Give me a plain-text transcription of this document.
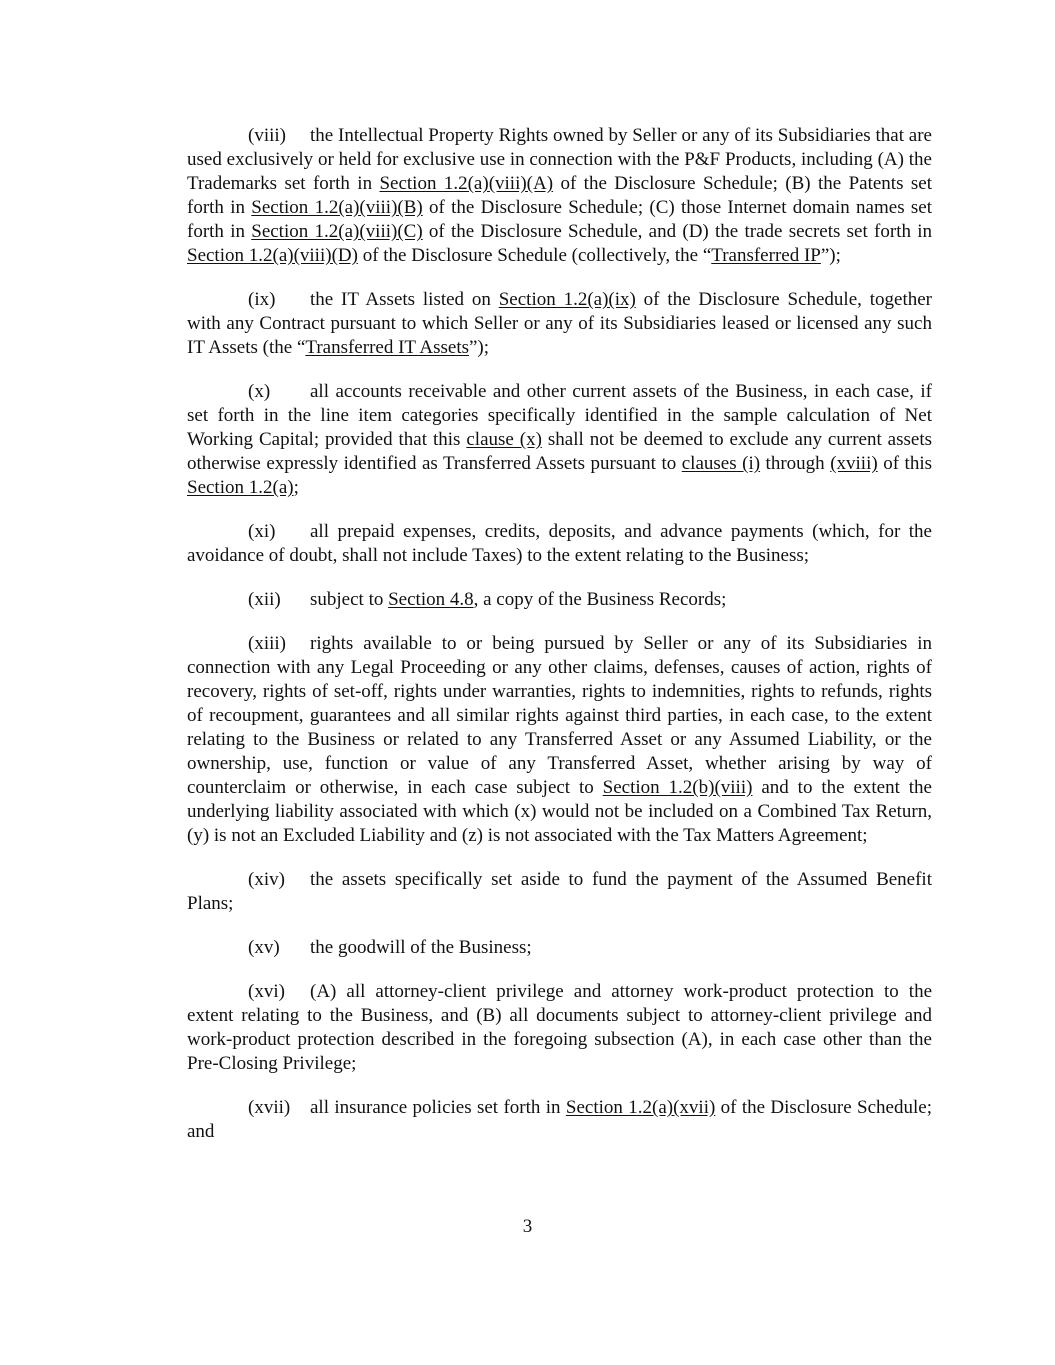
(viii) the Intellectual Property Rights owned by Seller or any of its Subsidiaries that are used exclusively or held for exclusive use in connection with the P&F Products, including (A) the Trademarks set forth in Section 1.2(a)(viii)(A) of the Disclosure Schedule; (B) the Patents set forth in Section 1.2(a)(viii)(B) of the Disclosure Schedule; (C) those Internet domain names set forth in Section 1.2(a)(viii)(C) of the Disclosure Schedule, and (D) the trade secrets set forth in Section 1.2(a)(viii)(D) of the Disclosure Schedule (collectively, the “Transferred IP”);

(ix) the IT Assets listed on Section 1.2(a)(ix) of the Disclosure Schedule, together with any Contract pursuant to which Seller or any of its Subsidiaries leased or licensed any such IT Assets (the “Transferred IT Assets”);

(x) all accounts receivable and other current assets of the Business, in each case, if set forth in the line item categories specifically identified in the sample calculation of Net Working Capital; provided that this clause (x) shall not be deemed to exclude any current assets otherwise expressly identified as Transferred Assets pursuant to clauses (i) through (xviii) of this Section 1.2(a);

(xi) all prepaid expenses, credits, deposits, and advance payments (which, for the avoidance of doubt, shall not include Taxes) to the extent relating to the Business;

(xii) subject to Section 4.8, a copy of the Business Records;

(xiii) rights available to or being pursued by Seller or any of its Subsidiaries in connection with any Legal Proceeding or any other claims, defenses, causes of action, rights of recovery, rights of set-off, rights under warranties, rights to indemnities, rights to refunds, rights of recoupment, guarantees and all similar rights against third parties, in each case, to the extent relating to the Business or related to any Transferred Asset or any Assumed Liability, or the ownership, use, function or value of any Transferred Asset, whether arising by way of counterclaim or otherwise, in each case subject to Section 1.2(b)(viii) and to the extent the underlying liability associated with which (x) would not be included on a Combined Tax Return, (y) is not an Excluded Liability and (z) is not associated with the Tax Matters Agreement;

(xiv) the assets specifically set aside to fund the payment of the Assumed Benefit Plans;

(xv) the goodwill of the Business;

(xvi) (A) all attorney-client privilege and attorney work-product protection to the extent relating to the Business, and (B) all documents subject to attorney-client privilege and work-product protection described in the foregoing subsection (A), in each case other than the Pre-Closing Privilege;

(xvii) all insurance policies set forth in Section 1.2(a)(xvii) of the Disclosure Schedule; and

3
